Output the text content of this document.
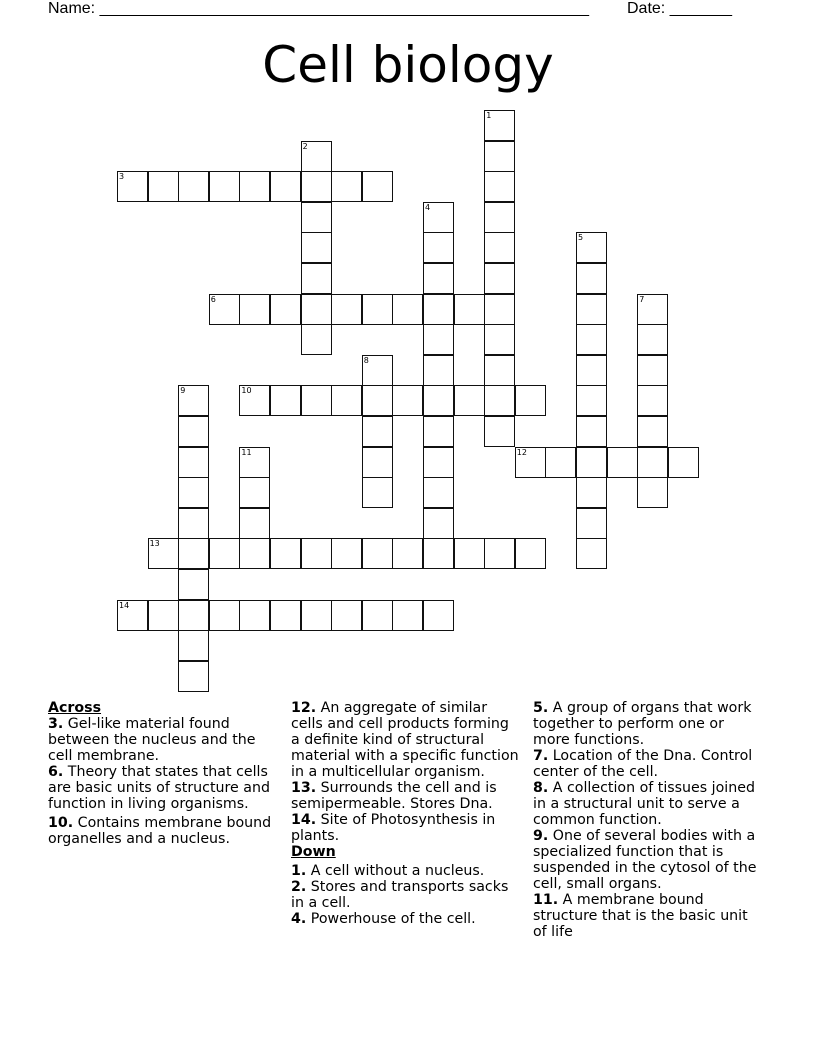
Name: _______________________________________________________ Date: _______
Cell biology
1
2
3
4
5
6	7
8
9	10
11	12
13
14
Across
3. Gel-like material found between the nucleus and the cell membrane.
6. Theory that states that cells are basic units of structure and function in living organisms.
10. Contains membrane bound organelles and a nucleus.
12. An aggregate of similar cells and cell products forming a definite kind of structural material with a specific function in a multicellular organism.
13. Surrounds the cell and is semipermeable. Stores Dna.
14. Site of Photosynthesis in plants.
Down
1. A cell without a nucleus.
2. Stores and transports sacks in a cell.
4. Powerhouse of the cell.
5. A group of organs that work together to perform one or more functions.
7. Location of the Dna. Control center of the cell.
8. A collection of tissues joined in a structural unit to serve a common function.
9. One of several bodies with a specialized function that is suspended in the cytosol of the cell, small organs.
11. A membrane bound structure that is the basic unit of life
